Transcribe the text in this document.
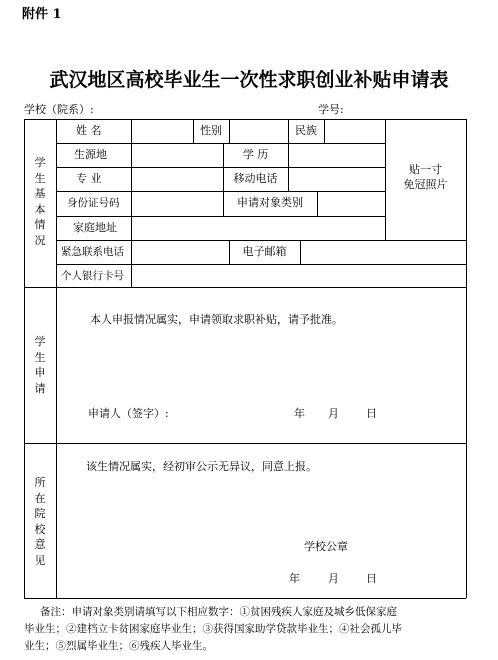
附件 1
武汉地区高校毕业生一次性求职创业补贴申请表
学校（院系）:	学号:
学生基本情况
姓 名	性别	民族
生源地	学 历
专 业	移动电话
身份证号码	申请对象类别
家庭地址
紧急联系电话	电子邮箱
个人银行卡号
贴一寸
免冠照片
学生申请
本人申报情况属实，申请领取求职补贴，请予批准。
申请人（签字）:	年 月 日
所在院校意见
该生情况属实，经初审公示无异议，同意上报。
学校公章
年	月 日
备注：申请对象类别请填写以下相应数字：①贫困残疾人家庭及城乡低保家庭
毕业生；②建档立卡贫困家庭毕业生；③获得国家助学贷款毕业生；④社会孤儿毕
业生；⑤烈属毕业生；⑥残疾人毕业生。
